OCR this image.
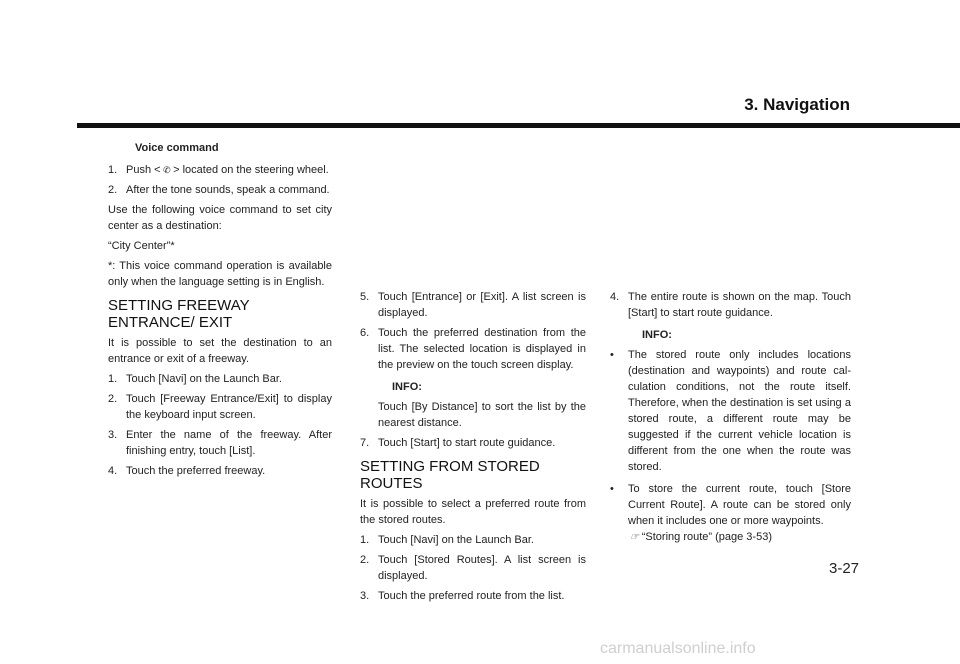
3. Navigation
Voice command
1. Push < ✆ > located on the steering wheel.
2. After the tone sounds, speak a command.
Use the following voice command to set city center as a destination:
“City Center”*
*: This voice command operation is available only when the language setting is in English.
SETTING FREEWAY ENTRANCE/ EXIT
It is possible to set the destination to an entrance or exit of a freeway.
1. Touch [Navi] on the Launch Bar.
2. Touch [Freeway Entrance/Exit] to display the keyboard input screen.
3. Enter the name of the freeway. After finishing entry, touch [List].
4. Touch the preferred freeway.
5. Touch [Entrance] or [Exit]. A list screen is displayed.
6. Touch the preferred destination from the list. The selected location is displayed in the preview on the touch screen display.
INFO:
Touch [By Distance] to sort the list by the nearest distance.
7. Touch [Start] to start route guidance.
SETTING FROM STORED ROUTES
It is possible to select a preferred route from the stored routes.
1. Touch [Navi] on the Launch Bar.
2. Touch [Stored Routes]. A list screen is displayed.
3. Touch the preferred route from the list.
4. The entire route is shown on the map. Touch [Start] to start route guidance.
INFO:
• The stored route only includes locations (destination and waypoints) and route cal-culation conditions, not the route itself. Therefore, when the destination is set using a stored route, a different route may be suggested if the current vehicle location is different from the one when the route was stored.
• To store the current route, touch [Store Current Route]. A route can be stored only when it includes one or more waypoints.
☞ “Storing route” (page 3-53)
3-27
carmanualsonline.info
